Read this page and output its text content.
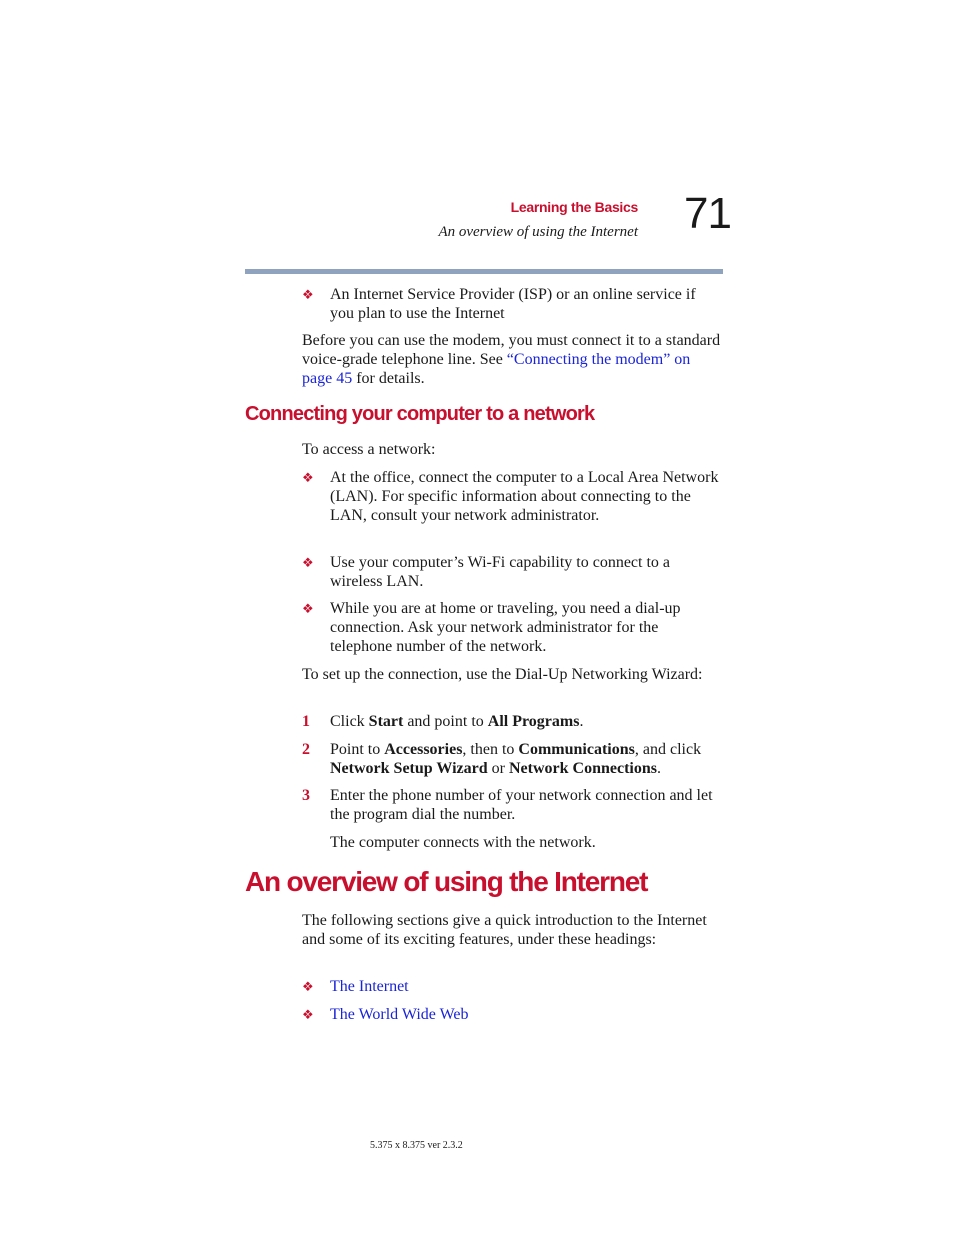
Learning the Basics
An overview of using the Internet 71
❖	An Internet Service Provider (ISP) or an online service if you plan to use the Internet
Before you can use the modem, you must connect it to a standard voice-grade telephone line. See “Connecting the modem” on page 45 for details.
Connecting your computer to a network
To access a network:
❖	At the office, connect the computer to a Local Area Network (LAN). For specific information about connecting to the LAN, consult your network administrator.
❖	Use your computer’s Wi-Fi capability to connect to a wireless LAN.
❖	While you are at home or traveling, you need a dial-up connection. Ask your network administrator for the telephone number of the network.
To set up the connection, use the Dial-Up Networking Wizard:
1	Click Start and point to All Programs.
2	Point to Accessories, then to Communications, and click Network Setup Wizard or Network Connections.
3	Enter the phone number of your network connection and let the program dial the number.
The computer connects with the network.
An overview of using the Internet
The following sections give a quick introduction to the Internet and some of its exciting features, under these headings:
❖	The Internet
❖	The World Wide Web
5.375 x 8.375 ver 2.3.2
